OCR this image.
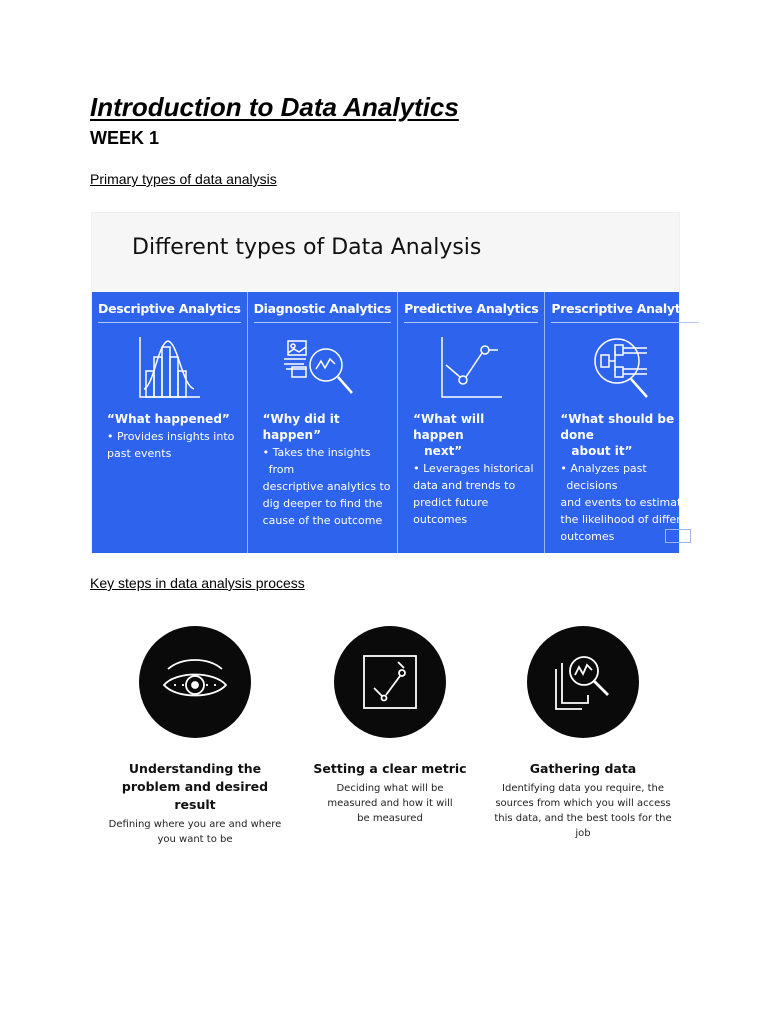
Introduction to Data Analytics
WEEK 1

Primary types of data analysis

Different types of Data Analysis
Descriptive Analytics
“What happened”
• Provides insights into
past events
Diagnostic Analytics
“Why did it happen”
• Takes the insights from
descriptive analytics to
dig deeper to find the
cause of the outcome
Predictive Analytics
“What will happen
next”
• Leverages historical
data and trends to
predict future
outcomes
Prescriptive Analytics
“What should be done
about it”
• Analyzes past decisions
and events to estimate
the likelihood of different
outcomes

Key steps in data analysis process

Understanding the
problem and desired result
Defining where you are and where
you want to be
Setting a clear metric
Deciding what will be
measured and how it will
be measured
Gathering data
Identifying data you require, the
sources from which you will access
this data, and the best tools for the job
